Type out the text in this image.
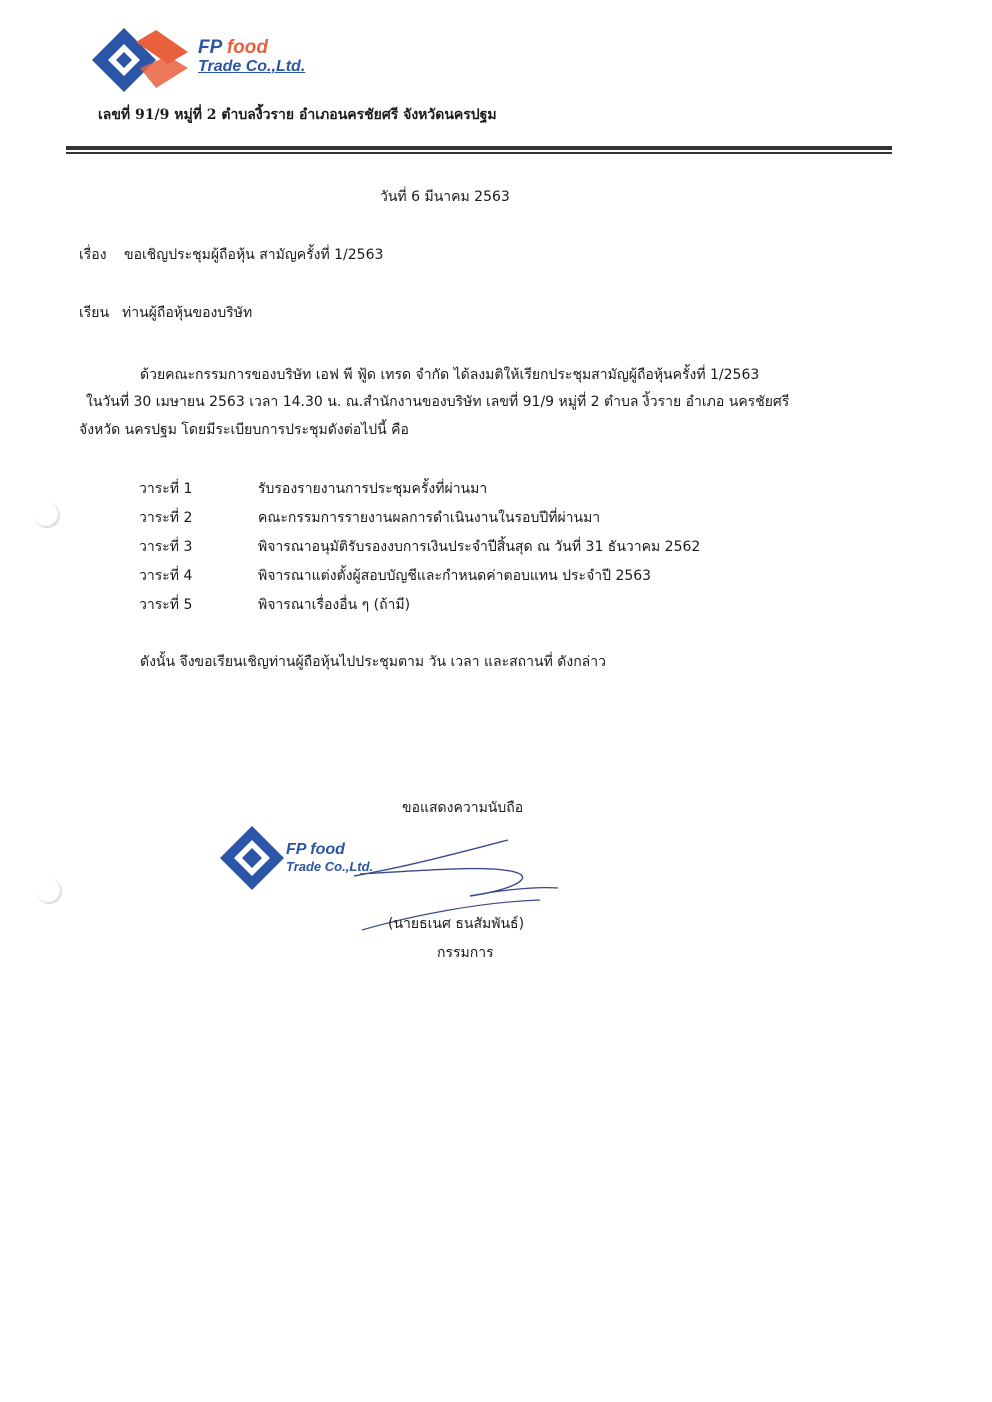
FP food
Trade Co.,Ltd.
เลขที่ 91/9 หมู่ที่ 2 ตำบลงิ้วราย อำเภอนครชัยศรี จังหวัดนครปฐม
วันที่ 6 มีนาคม 2563
เรื่อง ขอเชิญประชุมผู้ถือหุ้น สามัญครั้งที่ 1/2563
เรียน ท่านผู้ถือหุ้นของบริษัท
ด้วยคณะกรรมการของบริษัท เอฟ พี ฟู้ด เทรด จำกัด ได้ลงมติให้เรียกประชุมสามัญผู้ถือหุ้นครั้งที่ 1/2563
ในวันที่ 30 เมษายน 2563 เวลา 14.30 น. ณ.สำนักงานของบริษัท เลขที่ 91/9 หมู่ที่ 2 ตำบล งิ้วราย อำเภอ นครชัยศรี
จังหวัด นครปฐม โดยมีระเบียบการประชุมดังต่อไปนี้ คือ
วาระที่ 1	รับรองรายงานการประชุมครั้งที่ผ่านมา
วาระที่ 2	คณะกรรมการรายงานผลการดำเนินงานในรอบปีที่ผ่านมา
วาระที่ 3	พิจารณาอนุมัติรับรองงบการเงินประจำปีสิ้นสุด ณ วันที่ 31 ธันวาคม 2562
วาระที่ 4	พิจารณาแต่งตั้งผู้สอบบัญชีและกำหนดค่าตอบแทน ประจำปี 2563
วาระที่ 5	พิจารณาเรื่องอื่น ๆ (ถ้ามี)
ดังนั้น จึงขอเรียนเชิญท่านผู้ถือหุ้นไปประชุมตาม วัน เวลา และสถานที่ ดังกล่าว
ขอแสดงความนับถือ
FP food
Trade Co.,Ltd.
(นายธเนศ ธนสัมพันธ์)
กรรมการ
